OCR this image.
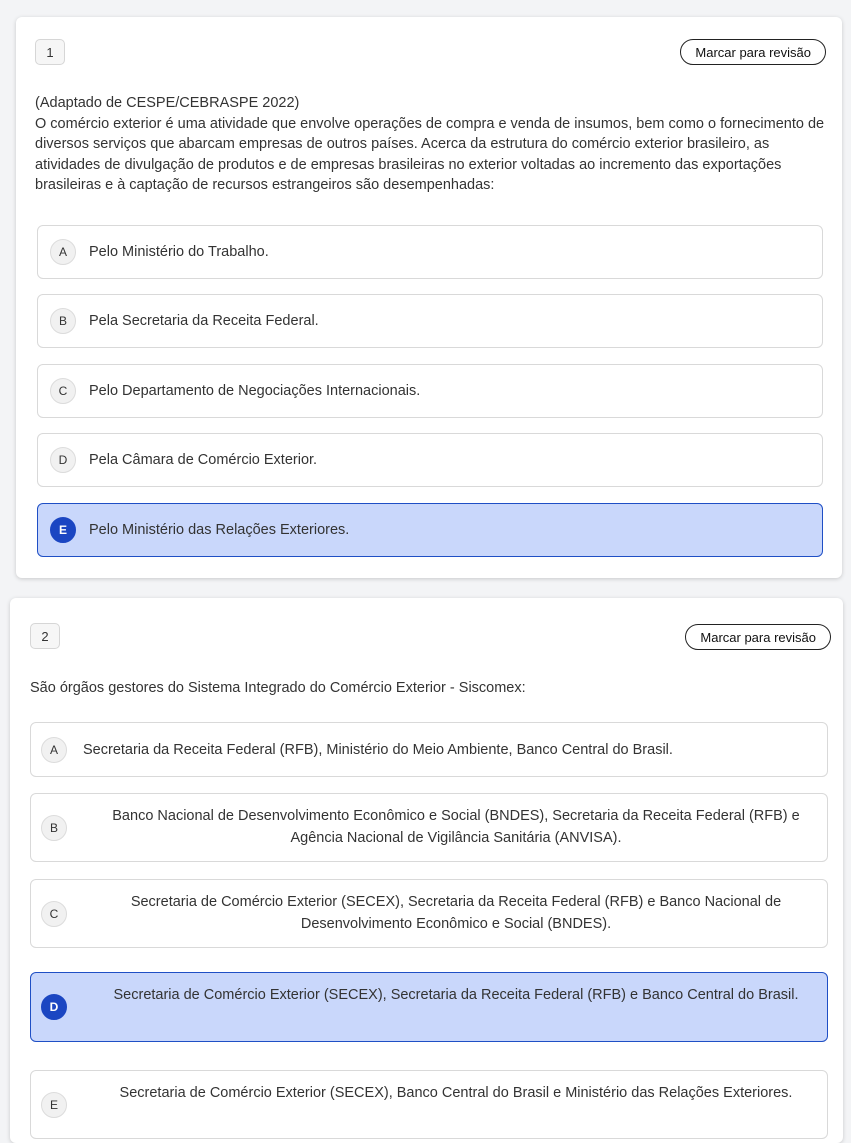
1	Marcar para revisão
(Adaptado de CESPE/CEBRASPE 2022)
O comércio exterior é uma atividade que envolve operações de compra e venda de insumos, bem como o fornecimento de diversos serviços que abarcam empresas de outros países. Acerca da estrutura do comércio exterior brasileiro, as atividades de divulgação de produtos e de empresas brasileiras no exterior voltadas ao incremento das exportações brasileiras e à captação de recursos estrangeiros são desempenhadas:
A	Pelo Ministério do Trabalho.
B	Pela Secretaria da Receita Federal.
C	Pelo Departamento de Negociações Internacionais.
D	Pela Câmara de Comércio Exterior.
E	Pelo Ministério das Relações Exteriores.
2	Marcar para revisão
São órgãos gestores do Sistema Integrado do Comércio Exterior - Siscomex:
A	Secretaria da Receita Federal (RFB), Ministério do Meio Ambiente, Banco Central do Brasil.
B
Banco Nacional de Desenvolvimento Econômico e Social (BNDES), Secretaria da Receita Federal (RFB) e Agência Nacional de Vigilância Sanitária (ANVISA).
C
Secretaria de Comércio Exterior (SECEX), Secretaria da Receita Federal (RFB) e Banco Nacional de Desenvolvimento Econômico e Social (BNDES).
D
Secretaria de Comércio Exterior (SECEX), Secretaria da Receita Federal (RFB) e Banco Central do Brasil.
E
Secretaria de Comércio Exterior (SECEX), Banco Central do Brasil e Ministério das Relações Exteriores.
